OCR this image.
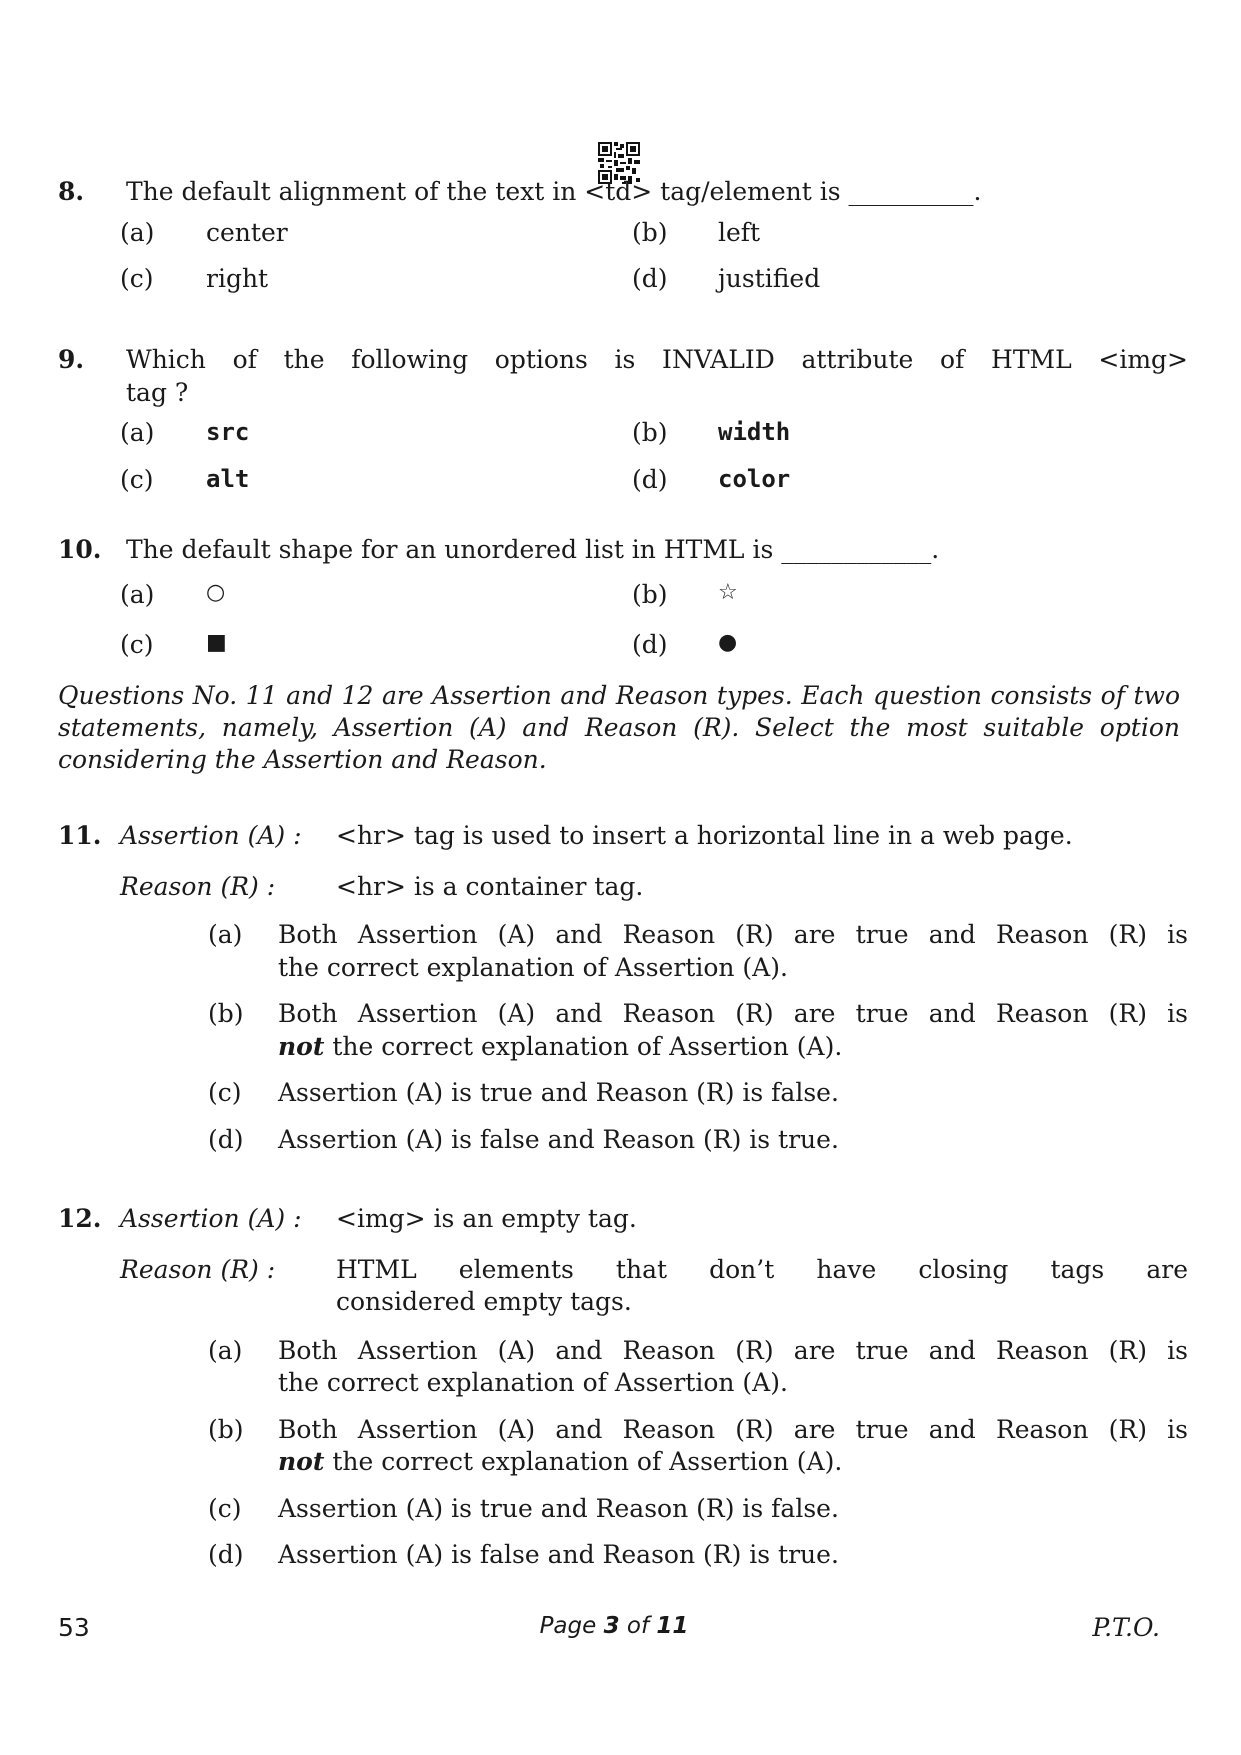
8. The default alignment of the text in <td> tag/element is __________.
(a)	center	(b)	left
(c)	right	(d)	justified
9. Which of the following options is INVALID attribute of HTML <img>
tag ?
(a)	src	(b)	width
(c)	alt	(d)	color
10. The default shape for an unordered list in HTML is ____________.
(a)	○	(b)	☆
(c)	■	(d)	●
Questions No. 11 and 12 are Assertion and Reason types. Each question consists of two statements, namely, Assertion (A) and Reason (R). Select the most suitable option considering the Assertion and Reason.
11. Assertion (A) :	<hr> tag is used to insert a horizontal line in a web page.
Reason (R) :	<hr> is a container tag.
(a)	Both Assertion (A) and Reason (R) are true and Reason (R) is
the correct explanation of Assertion (A).
(b)	Both Assertion (A) and Reason (R) are true and Reason (R) is
not the correct explanation of Assertion (A).
(c)	Assertion (A) is true and Reason (R) is false.
(d)	Assertion (A) is false and Reason (R) is true.
12. Assertion (A) :	<img> is an empty tag.
Reason (R) :	HTML elements that don’t have closing tags are
considered empty tags.
(a)	Both Assertion (A) and Reason (R) are true and Reason (R) is
the correct explanation of Assertion (A).
(b)	Both Assertion (A) and Reason (R) are true and Reason (R) is
not the correct explanation of Assertion (A).
(c)	Assertion (A) is true and Reason (R) is false.
(d)	Assertion (A) is false and Reason (R) is true.
53	Page 3 of 11	P.T.O.
